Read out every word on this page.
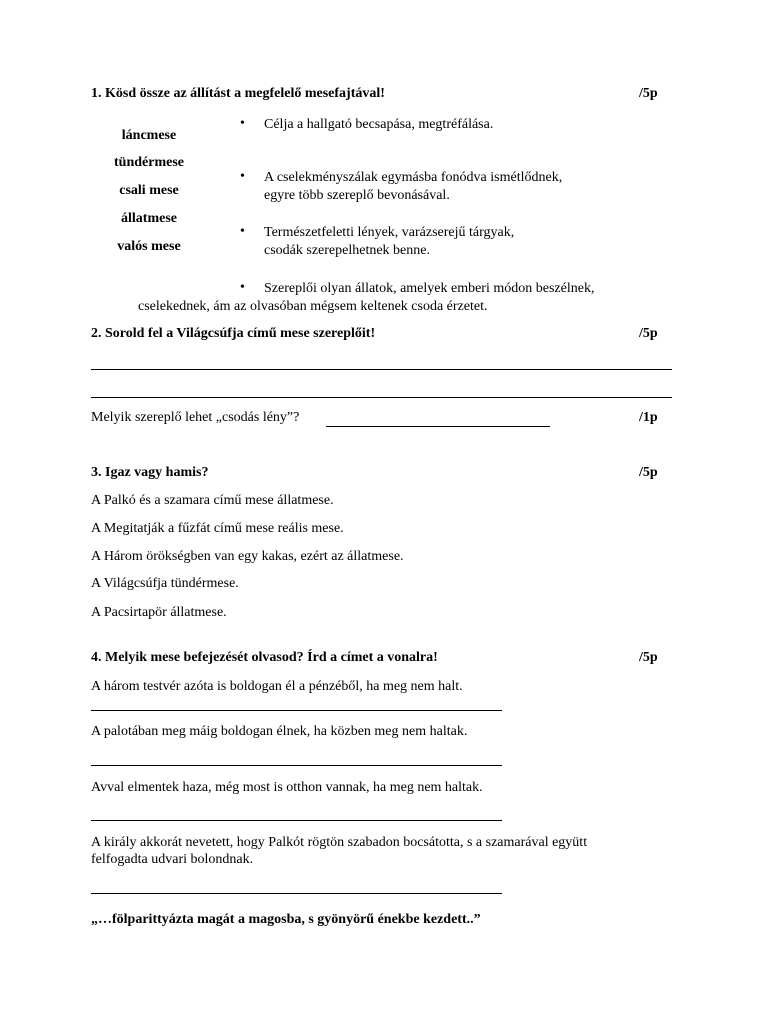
1. Kösd össze az állítást a megfelelő mesefajtával!	/5p
láncmese
tündérmese
csali mese
állatmese
valós mese
• Célja a hallgató becsapása, megtréfálása.
• A cselekményszálak egymásba fonódva ismétlődnek,
egyre több szereplő bevonásával.
• Természetfeletti lények, varázserejű tárgyak,
csodák szerepelhetnek benne.
• Szereplői olyan állatok, amelyek emberi módon beszélnek,
cselekednek, ám az olvasóban mégsem keltenek csoda érzetet.
2. Sorold fel a Világcsúfja című mese szereplőit!	/5p
Melyik szereplő lehet „csodás lény”?	/1p
3. Igaz vagy hamis?	/5p
A Palkó és a szamara című mese állatmese.
A Megitatják a fűzfát című mese reális mese.
A Három örökségben van egy kakas, ezért az állatmese.
A Világcsúfja tündérmese.
A Pacsirtapör állatmese.
4. Melyik mese befejezését olvasod? Írd a címet a vonalra!	/5p
A három testvér azóta is boldogan él a pénzéből, ha meg nem halt.
A palotában meg máig boldogan élnek, ha közben meg nem haltak.
Avval elmentek haza, még most is otthon vannak, ha meg nem haltak.
A király akkorát nevetett, hogy Palkót rögtön szabadon bocsátotta, s a szamarával együtt
felfogadta udvari bolondnak.
„…fölparittyázta magát a magosba, s gyönyörű énekbe kezdett..”
